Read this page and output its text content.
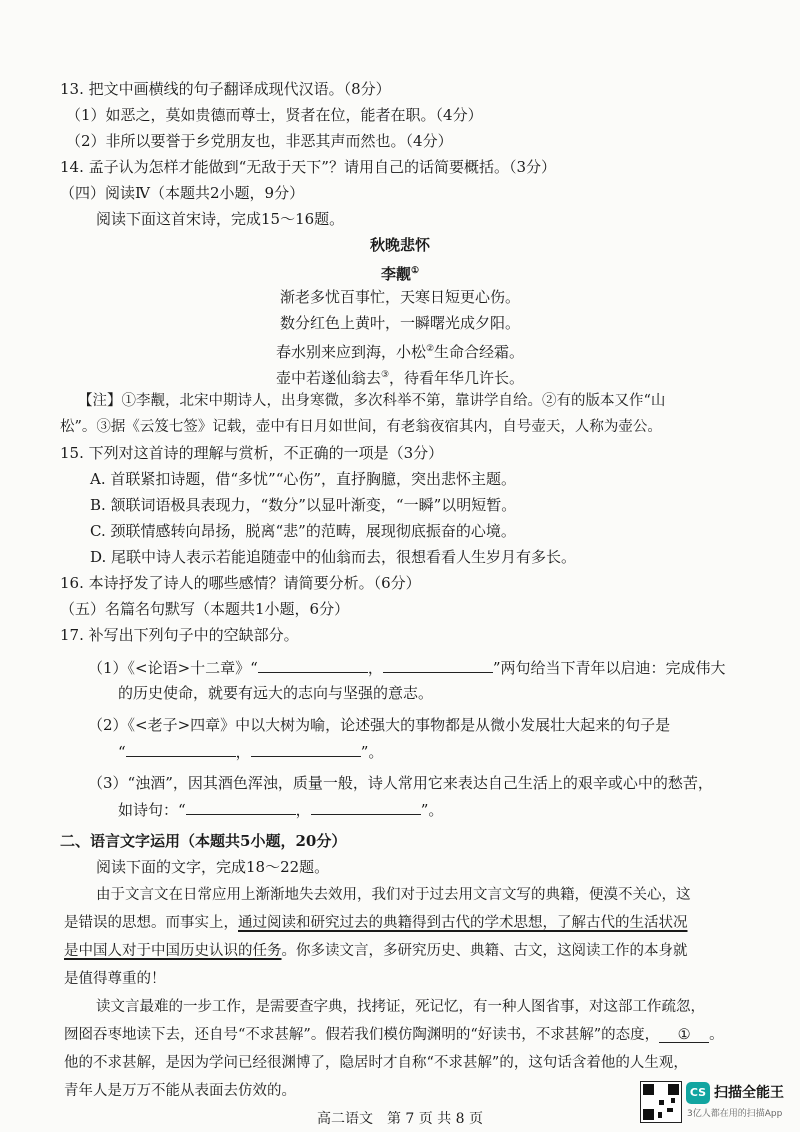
13. 把文中画横线的句子翻译成现代汉语。（8分）
（1）如恶之，莫如贵德而尊士，贤者在位，能者在职。（4分）
（2）非所以要誉于乡党朋友也，非恶其声而然也。（4分）
14. 孟子认为怎样才能做到“无敌于天下”？请用自己的话简要概括。（3分）
（四）阅读Ⅳ（本题共2小题，9分）
阅读下面这首宋诗，完成15～16题。
秋晚悲怀
李觏①
渐老多忧百事忙，天寒日短更心伤。
数分红色上黄叶，一瞬曙光成夕阳。
春水别来应到海，小松②生命合经霜。
壶中若遂仙翁去③，待看年华几许长。
【注】①李觏，北宋中期诗人，出身寒微，多次科举不第，靠讲学自给。②有的版本又作“山
松”。③据《云笈七签》记载，壶中有日月如世间，有老翁夜宿其内，自号壶天，人称为壶公。
15. 下列对这首诗的理解与赏析，不正确的一项是（3分）
A. 首联紧扣诗题，借“多忧”“心伤”，直抒胸臆，突出悲怀主题。
B. 颔联词语极具表现力，“数分”以显叶渐变，“一瞬”以明短暂。
C. 颈联情感转向昂扬，脱离“悲”的范畴，展现彻底振奋的心境。
D. 尾联中诗人表示若能追随壶中的仙翁而去，很想看看人生岁月有多长。
16. 本诗抒发了诗人的哪些感情？请简要分析。（6分）
（五）名篇名句默写（本题共1小题，6分）
17. 补写出下列句子中的空缺部分。
（1）《<论语>十二章》“	，	”两句给当下青年以启迪：完成伟大
的历史使命，就要有远大的志向与坚强的意志。
（2）《<老子>四章》中以大树为喻，论述强大的事物都是从微小发展壮大起来的句子是
“	，	”。
（3）“浊酒”，因其酒色浑浊，质量一般，诗人常用它来表达自己生活上的艰辛或心中的愁苦，
如诗句：“	，	”。
二、语言文字运用（本题共5小题，20分）
阅读下面的文字，完成18～22题。
由于文言文在日常应用上渐渐地失去效用，我们对于过去用文言文写的典籍，便漠不关心，这
是错误的思想。而事实上，通过阅读和研究过去的典籍得到古代的学术思想，了解古代的生活状况
是中国人对于中国历史认识的任务。你多读文言，多研究历史、典籍、古文，这阅读工作的本身就
是值得尊重的！
读文言最难的一步工作，是需要查字典，找拷证，死记忆，有一种人图省事，对这部工作疏忽，
囫囵吞枣地读下去，还自号“不求甚解”。假若我们模仿陶渊明的“好读书，不求甚解”的态度， ① 。
他的不求甚解，是因为学问已经很渊博了，隐居时才自称“不求甚解”的，这句话含着他的人生观，
青年人是万万不能从表面去仿效的。
高二语文　第 7 页 共 8 页
CS 扫描全能王
3亿人都在用的扫描App
